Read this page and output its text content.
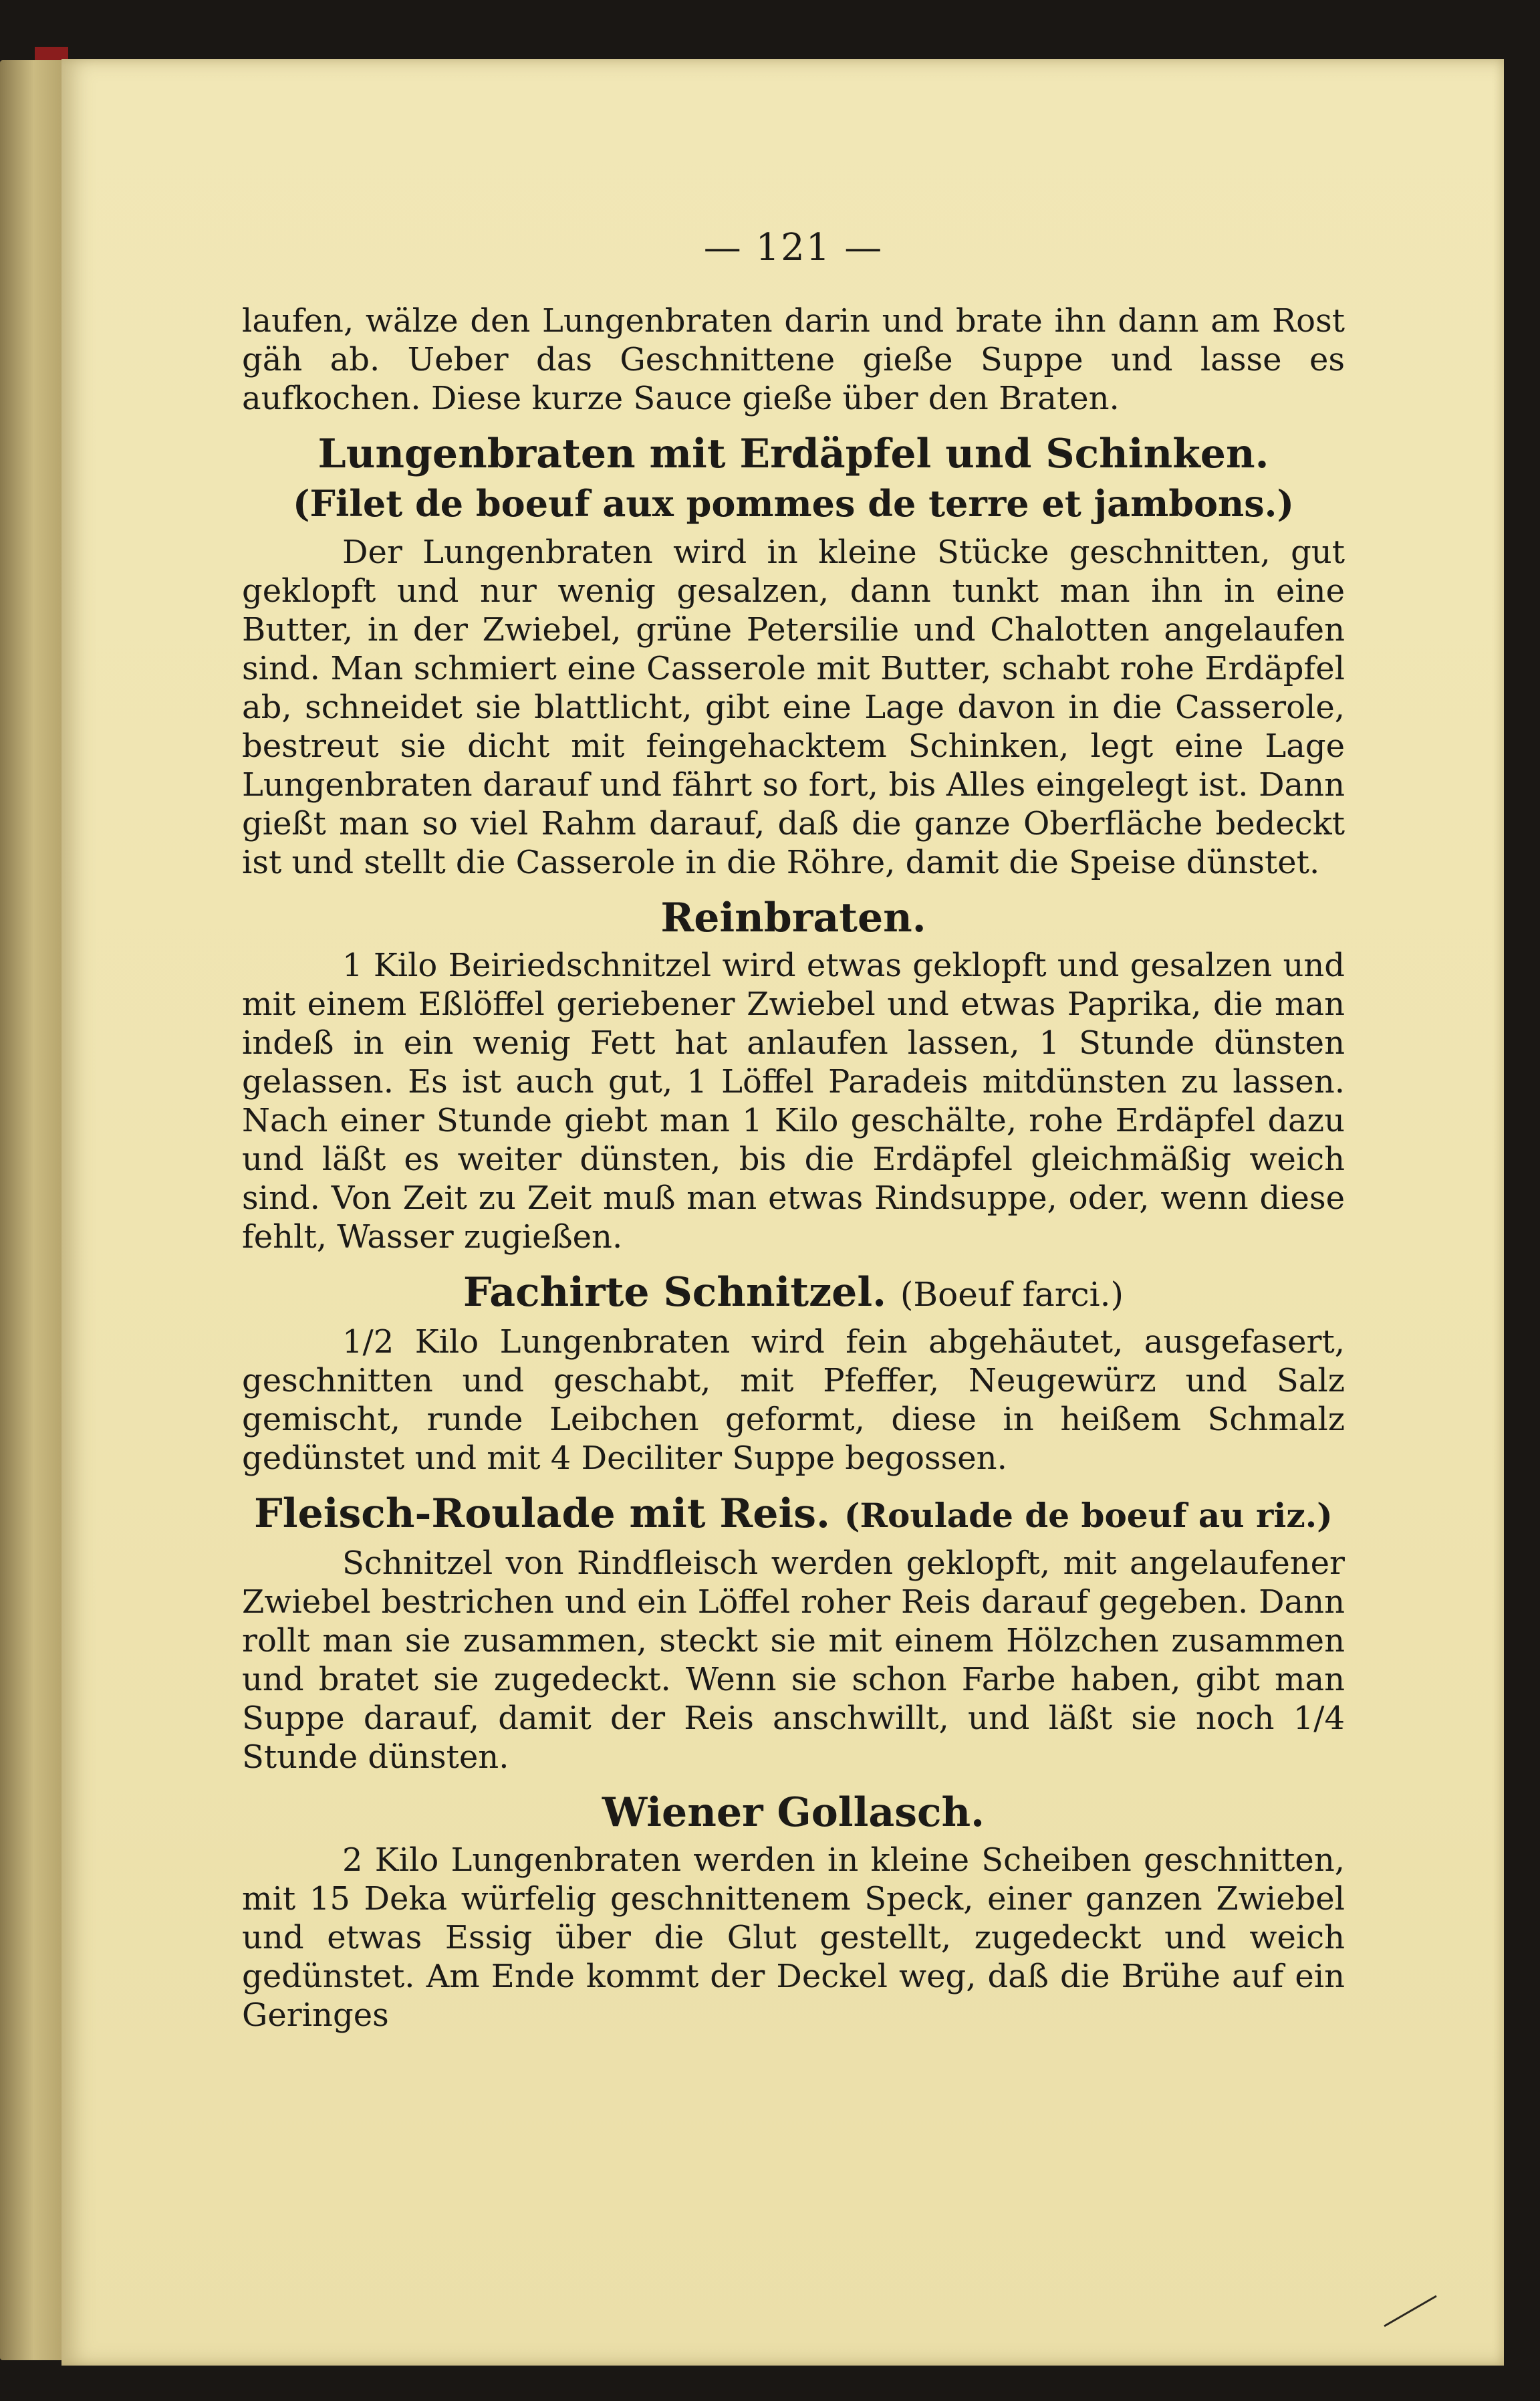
— 121 —

laufen, wälze den Lungenbraten darin und brate ihn dann am Rost gäh ab. Ueber das Geschnittene gieße Suppe und lasse es aufkochen. Diese kurze Sauce gieße über den Braten.

Lungenbraten mit Erdäpfel und Schinken.
(Filet de boeuf aux pommes de terre et jambons.)

Der Lungenbraten wird in kleine Stücke geschnitten, gut geklopft und nur wenig gesalzen, dann tunkt man ihn in eine Butter, in der Zwiebel, grüne Petersilie und Chalotten angelaufen sind. Man schmiert eine Casserole mit Butter, schabt rohe Erdäpfel ab, schneidet sie blattlicht, gibt eine Lage davon in die Casserole, bestreut sie dicht mit feingehacktem Schinken, legt eine Lage Lungenbraten darauf und fährt so fort, bis Alles eingelegt ist. Dann gießt man so viel Rahm darauf, daß die ganze Oberfläche bedeckt ist und stellt die Casserole in die Röhre, damit die Speise dünstet.

Reinbraten.

1 Kilo Beiriedschnitzel wird etwas geklopft und gesalzen und mit einem Eßlöffel geriebener Zwiebel und etwas Paprika, die man indeß in ein wenig Fett hat anlaufen lassen, 1 Stunde dünsten gelassen. Es ist auch gut, 1 Löffel Paradeis mitdünsten zu lassen. Nach einer Stunde giebt man 1 Kilo geschälte, rohe Erdäpfel dazu und läßt es weiter dünsten, bis die Erdäpfel gleichmäßig weich sind. Von Zeit zu Zeit muß man etwas Rindsuppe, oder, wenn diese fehlt, Wasser zugießen.

Fachirte Schnitzel. (Boeuf farci.)

1/2 Kilo Lungenbraten wird fein abgehäutet, ausgefasert, geschnitten und geschabt, mit Pfeffer, Neugewürz und Salz gemischt, runde Leibchen geformt, diese in heißem Schmalz gedünstet und mit 4 Deciliter Suppe begossen.

Fleisch-Roulade mit Reis. (Roulade de boeuf au riz.)

Schnitzel von Rindfleisch werden geklopft, mit angelaufener Zwiebel bestrichen und ein Löffel roher Reis darauf gegeben. Dann rollt man sie zusammen, steckt sie mit einem Hölzchen zusammen und bratet sie zugedeckt. Wenn sie schon Farbe haben, gibt man Suppe darauf, damit der Reis anschwillt, und läßt sie noch 1/4 Stunde dünsten.

Wiener Gollasch.

2 Kilo Lungenbraten werden in kleine Scheiben geschnitten, mit 15 Deka würfelig geschnittenem Speck, einer ganzen Zwiebel und etwas Essig über die Glut gestellt, zugedeckt und weich gedünstet. Am Ende kommt der Deckel weg, daß die Brühe auf ein Geringes
